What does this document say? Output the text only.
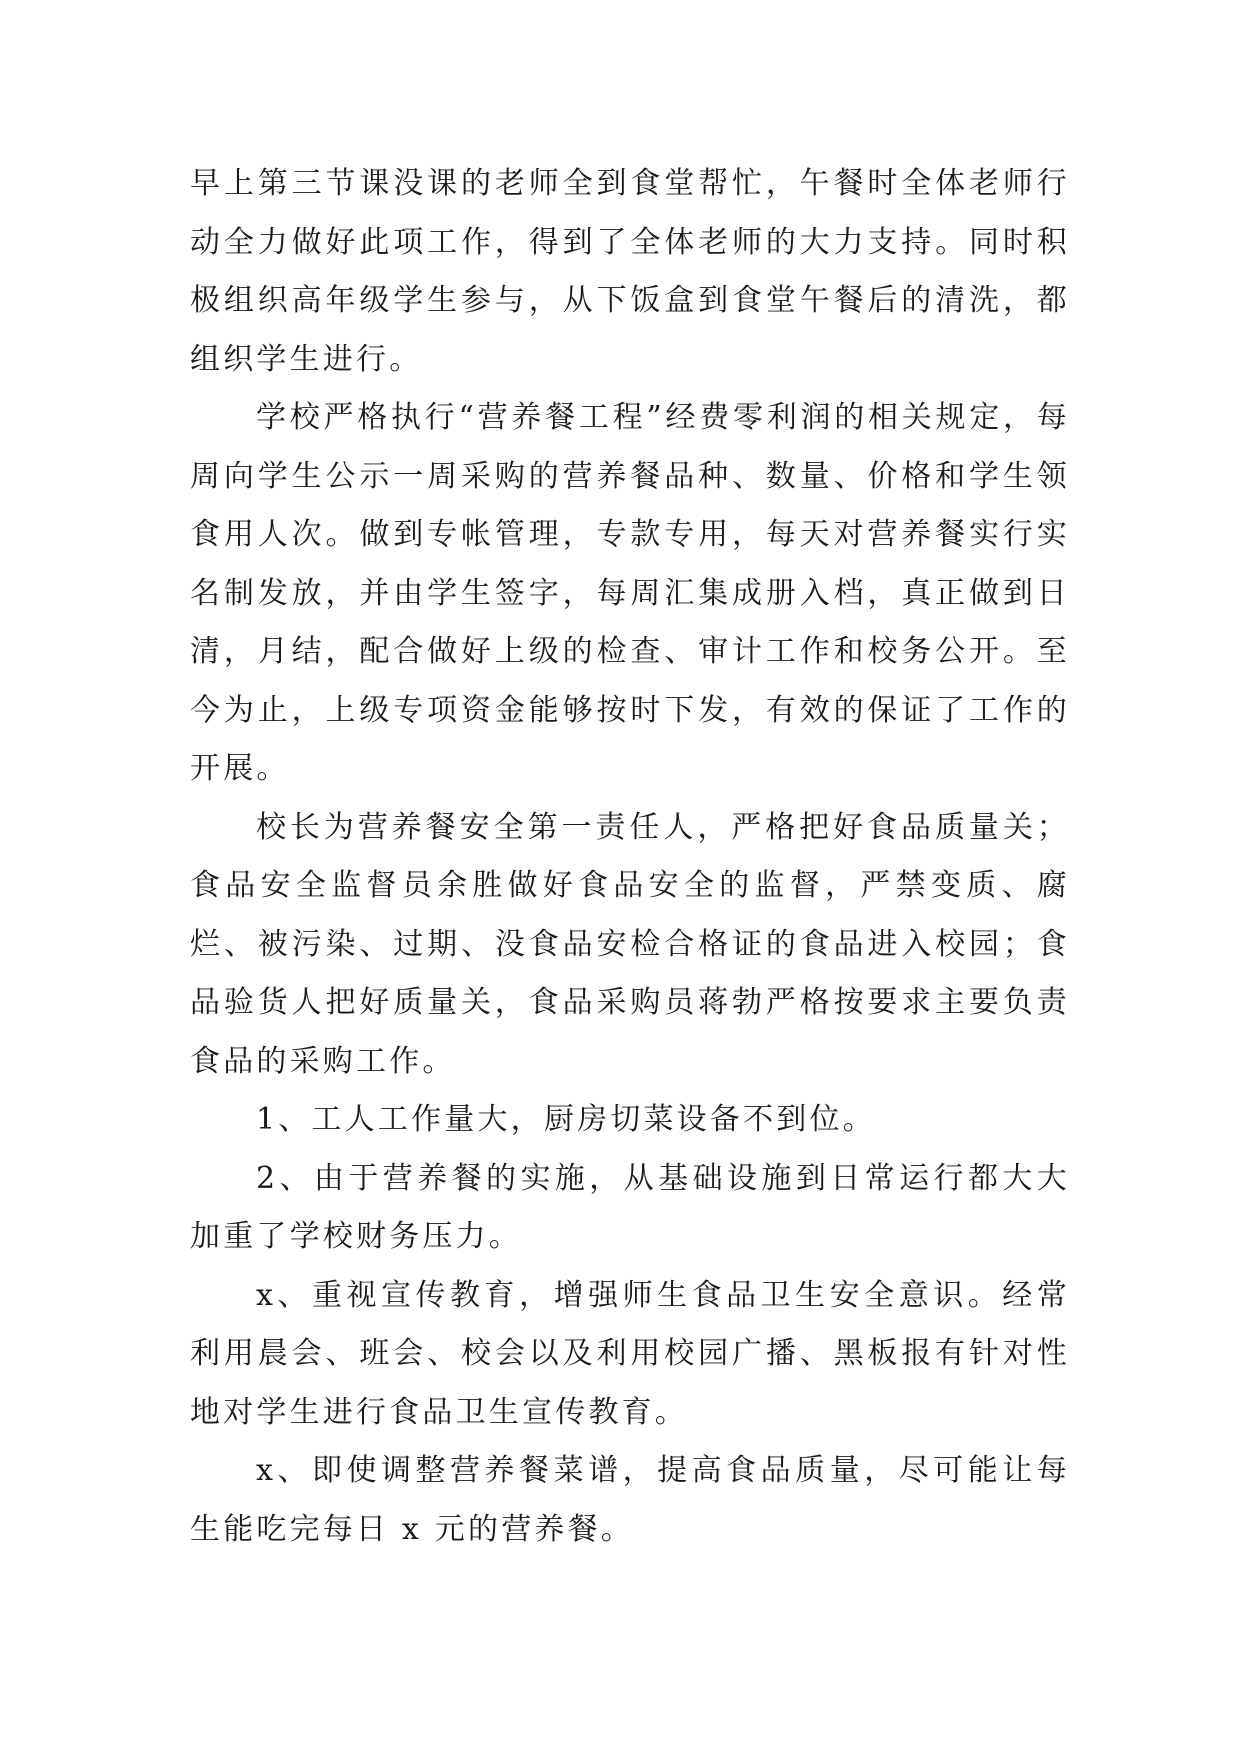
早上第三节课没课的老师全到食堂帮忙，午餐时全体老师行动全力做好此项工作，得到了全体老师的大力支持。同时积极组织高年级学生参与，从下饭盒到食堂午餐后的清洗，都组织学生进行。

学校严格执行“营养餐工程”经费零利润的相关规定，每周向学生公示一周采购的营养餐品种、数量、价格和学生领食用人次。做到专帐管理，专款专用，每天对营养餐实行实名制发放，并由学生签字，每周汇集成册入档，真正做到日清，月结，配合做好上级的检查、审计工作和校务公开。至今为止，上级专项资金能够按时下发，有效的保证了工作的开展。

校长为营养餐安全第一责任人，严格把好食品质量关；食品安全监督员余胜做好食品安全的监督，严禁变质、腐烂、被污染、过期、没食品安检合格证的食品进入校园；食品验货人把好质量关，食品采购员蒋勃严格按要求主要负责食品的采购工作。

1、工人工作量大，厨房切菜设备不到位。

2、由于营养餐的实施，从基础设施到日常运行都大大加重了学校财务压力。

x、重视宣传教育，增强师生食品卫生安全意识。经常利用晨会、班会、校会以及利用校园广播、黑板报有针对性地对学生进行食品卫生宣传教育。

x、即使调整营养餐菜谱，提高食品质量，尽可能让每生能吃完每日 x 元的营养餐。
